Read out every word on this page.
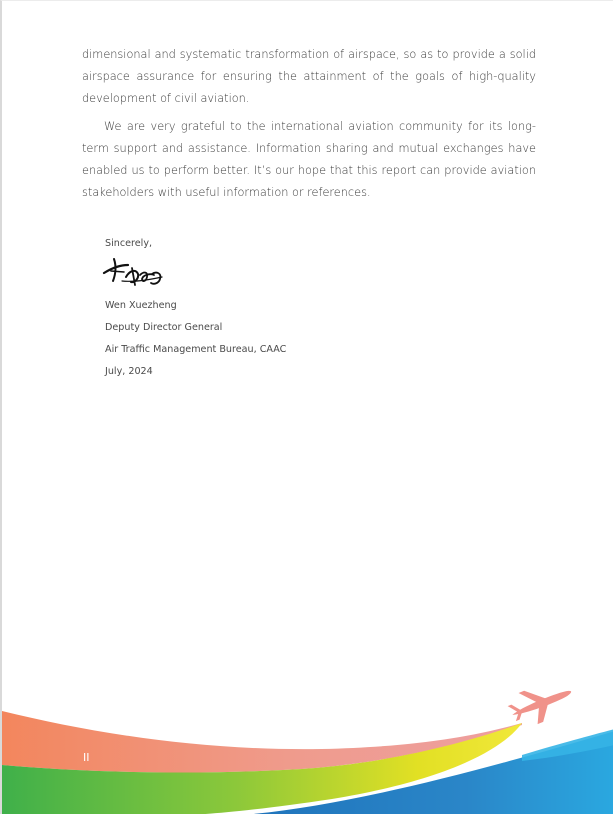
dimensional and systematic transformation of airspace, so as to provide a solid airspace assurance for ensuring the attainment of the goals of high-quality development of civil aviation.

We are very grateful to the international aviation community for its long-term support and assistance. Information sharing and mutual exchanges have enabled us to perform better. It’s our hope that this report can provide aviation stakeholders with useful information or references.

Sincerely,
Wen Xuezheng
Deputy Director General
Air Traffic Management Bureau, CAAC
July, 2024
II
